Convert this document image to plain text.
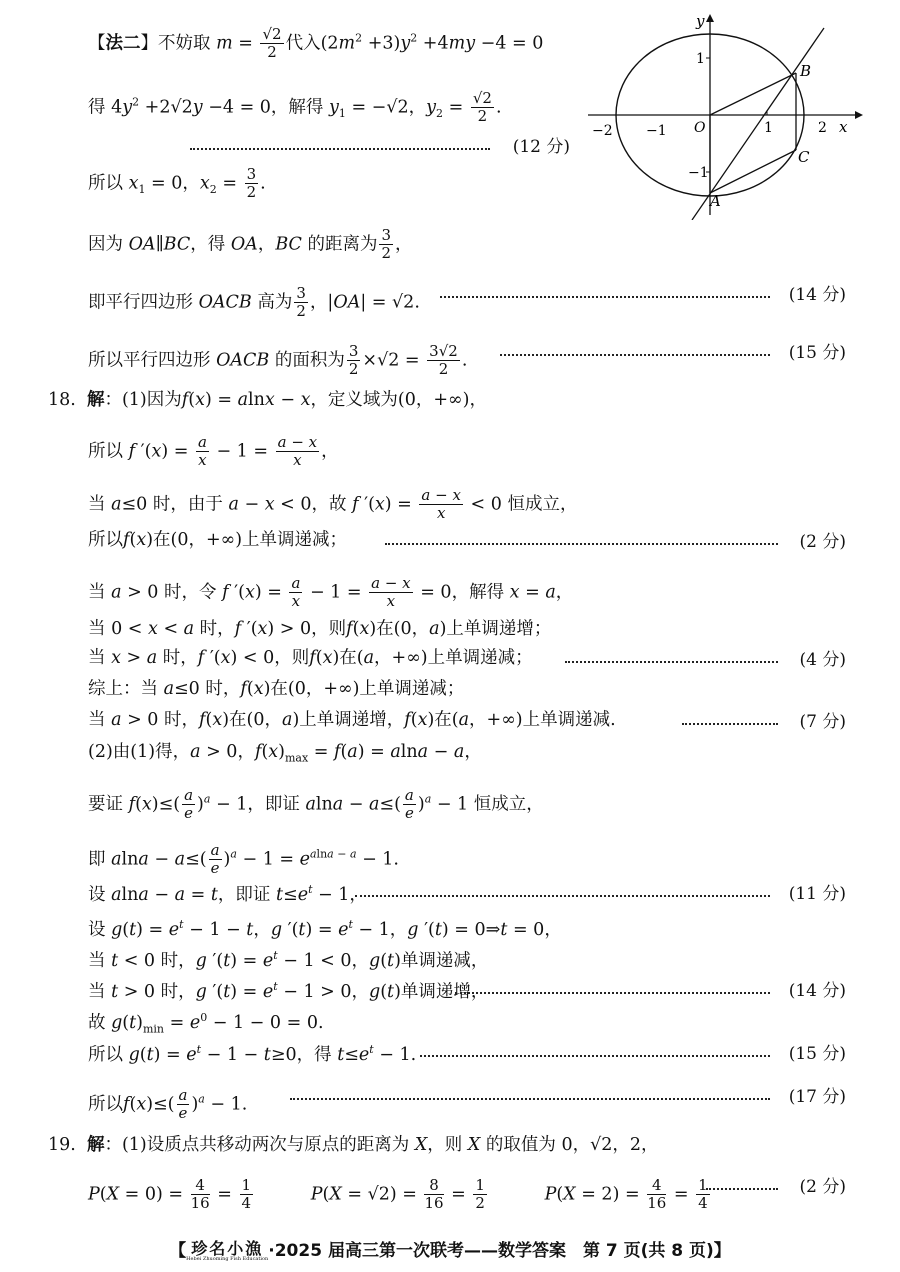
【法二】不妨取 $m = \frac{√2}{2}$ 代入$(2m^2 +3)y^2 +4my -4 = 0$
得 $4y^2 +2√2y -4 = 0$，解得 $y_1 = -√2$，$y_2 = \frac{√2}{2}$ .
(12 分)
所以 $x_1 = 0$，$x_2 = \frac{3}{2}$ .
因为 OA∥BC，得 OA，BC 的距离为 $\frac{3}{2}$ ，
即平行四边形 OACB 高为 $\frac{3}{2}$ ，|OA| = √2.	(14 分)
所以平行四边形 OACB 的面积为 $\frac{3}{2} \times√2 = \frac{3√2}{2}$ .	(15 分)
18.  解：(1)因为f(x) = alnx − x，定义域为(0，+∞)，
所以 f $'(x) = \frac{a}{x} - 1 = \frac{a - x}{x}$ ，
当 a≤0 时，由于 a − x < 0，故 f $'(x) = \frac{a - x}{x} < 0$ 恒成立，
所以f(x)在(0，+∞)上单调递减；	(2 分)
当 a > 0 时，令 f $'(x) = \frac{a}{x} - 1 = \frac{a - x}{x} = 0$，解得 x = a，
当 0 < x < a 时，f ′(x) > 0，则f(x)在(0，a)上单调递增；
当 x > a 时，f ′(x) < 0，则f(x)在(a，+∞)上单调递减；	(4 分)
综上：当 a≤0 时，f(x)在(0，+∞)上单调递减；
当 a > 0 时，f(x)在(0，a)上单调递增，f(x)在(a，+∞)上单调递减.	(7 分)
(2)由(1)得，a > 0，$f(x)_{max} = f(a) = alna - a$，
要证 $f(x)\le( \frac{a}{e} )^a - 1$，即证 $alna - a\le( \frac{a}{e} )^a - 1$ 恒成立，
即 $alna - a\le( \frac{a}{e} )^a - 1 = e^{alna - a} - 1$.
设 alna − a = t，即证 $t\le e^t - 1$，	(11 分)
设 $g(t) = e^t - 1 - t$，g $'(t) = e^t - 1$，g ′(t) = 0⇒t = 0，
当 t < 0 时，g $'(t) = e^t - 1 < 0$，g(t)单调递减，
当 t > 0 时，g $'(t) = e^t - 1 > 0$，g(t)单调递增，	(14 分)
故 $g(t)_{min} = e^0 - 1 - 0 = 0$.
所以 $g(t) = e^t - 1 - t\ge 0$，得 $t\le e^t - 1$.	(15 分)
所以$f(x)\le( \frac{a}{e} )^a - 1$.	(17 分)
19.  解：(1)设质点共移动两次与原点的距离为 X，则 X 的取值为 0，√2，2，
$P(X = 0) = \frac{4}{16} = \frac{1}{4}$	$P(X = √2) = \frac{8}{16} = \frac{1}{2}$	$P(X = 2) = \frac{4}{16} = \frac{1}{4}$	(2 分)
−2 −1 O	1	2
1
−1
x
y
A
B
C
【 珍名小漁
Hebei Zhuoming Fish Education ·2025 届高三第一次联考——数学答案　第 7 页(共 8 页)】
